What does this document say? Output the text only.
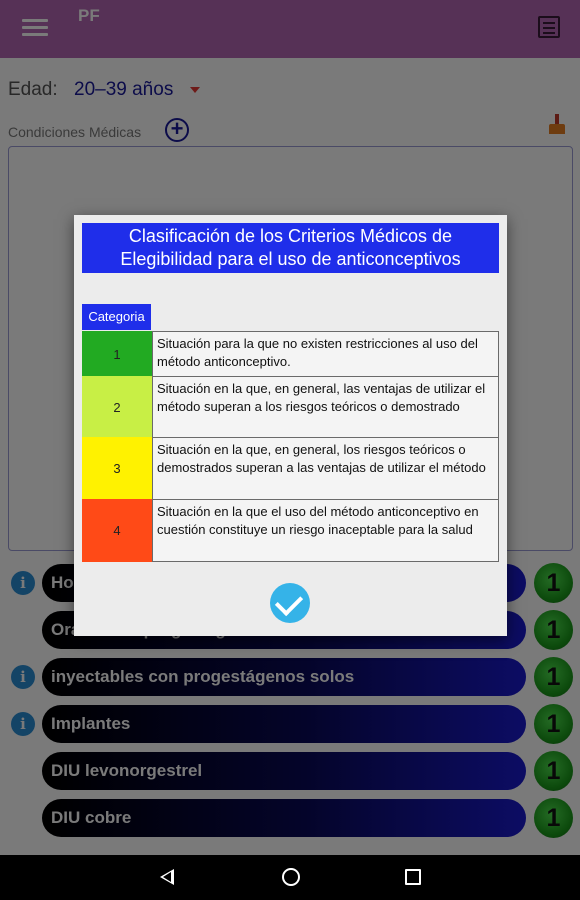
Clasificación de los Criterios Médicos de Elegibilidad para el uso de anticonceptivos
Categoria
1
Situación para la que no existen restricciones al uso del método anticonceptivo.
2
Situación en la que, en general, las ventajas de utilizar el método superan a los riesgos teóricos o demostrado
3
Situación en la que, en general, los riesgos teóricos o demostrados superan a las ventajas de utilizar el método
4
Situación en la que el uso del método anticonceptivo en cuestión constituye un riesgo inaceptable para la salud
